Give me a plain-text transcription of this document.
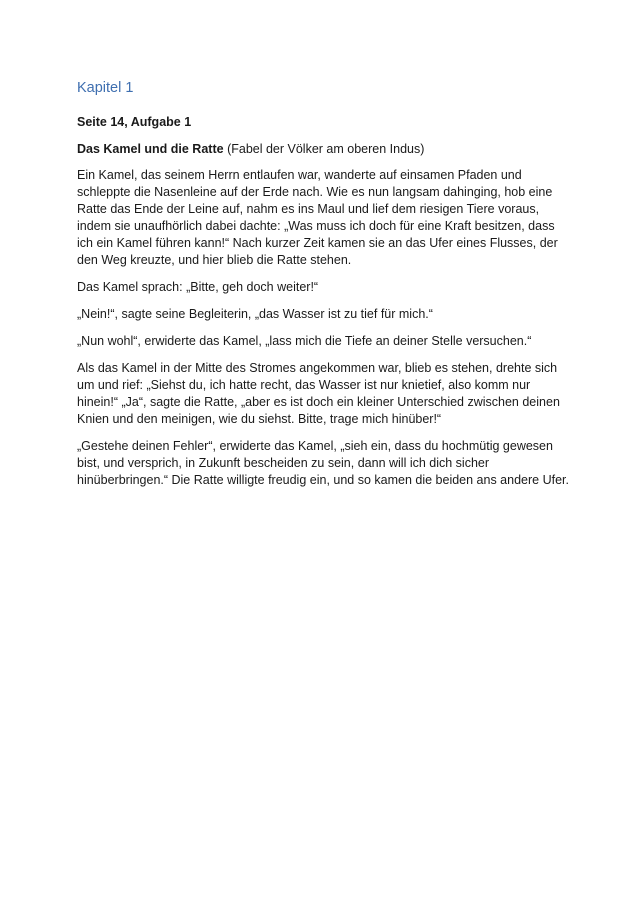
Kapitel 1
Seite 14, Aufgabe 1
Das Kamel und die Ratte (Fabel der Völker am oberen Indus)

Ein Kamel, das seinem Herrn entlaufen war, wanderte auf einsamen Pfaden und schleppte die Nasenleine auf der Erde nach. Wie es nun langsam dahinging, hob eine Ratte das Ende der Leine auf, nahm es ins Maul und lief dem riesigen Tiere voraus, indem sie unaufhörlich dabei dachte: „Was muss ich doch für eine Kraft besitzen, dass ich ein Kamel führen kann!“ Nach kurzer Zeit kamen sie an das Ufer eines Flusses, der den Weg kreuzte, und hier blieb die Ratte stehen.

Das Kamel sprach: „Bitte, geh doch weiter!“

„Nein!“, sagte seine Begleiterin, „das Wasser ist zu tief für mich.“

„Nun wohl“, erwiderte das Kamel, „lass mich die Tiefe an deiner Stelle versuchen.“

Als das Kamel in der Mitte des Stromes angekommen war, blieb es stehen, drehte sich um und rief: „Siehst du, ich hatte recht, das Wasser ist nur knietief, also komm nur hinein!“ „Ja“, sagte die Ratte, „aber es ist doch ein kleiner Unterschied zwischen deinen Knien und den meinigen, wie du siehst. Bitte, trage mich hinüber!“

„Gestehe deinen Fehler“, erwiderte das Kamel, „sieh ein, dass du hochmütig gewesen bist, und versprich, in Zukunft bescheiden zu sein, dann will ich dich sicher hinüberbringen.“ Die Ratte willigte freudig ein, und so kamen die beiden ans andere Ufer.
